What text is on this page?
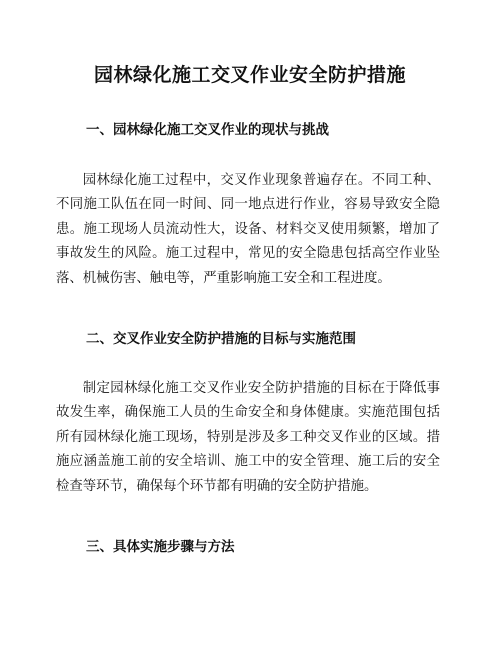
园林绿化施工交叉作业安全防护措施
一、园林绿化施工交叉作业的现状与挑战

园林绿化施工过程中，交叉作业现象普遍存在。不同工种、不同施工队伍在同一时间、同一地点进行作业，容易导致安全隐患。施工现场人员流动性大，设备、材料交叉使用频繁，增加了事故发生的风险。施工过程中，常见的安全隐患包括高空作业坠落、机械伤害、触电等，严重影响施工安全和工程进度。

二、交叉作业安全防护措施的目标与实施范围

制定园林绿化施工交叉作业安全防护措施的目标在于降低事故发生率，确保施工人员的生命安全和身体健康。实施范围包括所有园林绿化施工现场，特别是涉及多工种交叉作业的区域。措施应涵盖施工前的安全培训、施工中的安全管理、施工后的安全检查等环节，确保每个环节都有明确的安全防护措施。

三、具体实施步骤与方法
